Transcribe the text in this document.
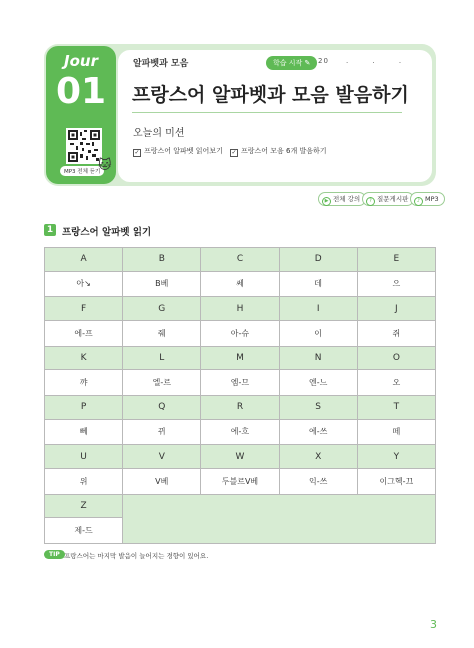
Jour
01
MP3 전체 듣기
🐱
알파벳과 모음	학습 시작 ✎	20 . . .
프랑스어 알파벳과 모음 발음하기
오늘의 미션
✓ 프랑스어 알파벳 읽어보기 ✓ 프랑스어 모음 6개 발음하기
▶ 전체 강의	? 질문게시판	♪ MP3
1 프랑스어 알파벳 읽기
A	B	C	D	E
아↘	B베	쎄	데	으
F	G	H	I	J
에-프	줴	아-슈	이	쥐
K	L	M	N	O
꺄	엘-르	엠-므	엔-느	오
P	Q	R	S	T
뻬	뀌	에-흐	에-쓰	떼
U	V	W	X	Y
위	V베	두블르V베	익-쓰	이그헥-끄
Z				
제-드				
TIP 프랑스어는 마지막 발음이 늘어지는 경향이 있어요.
3
